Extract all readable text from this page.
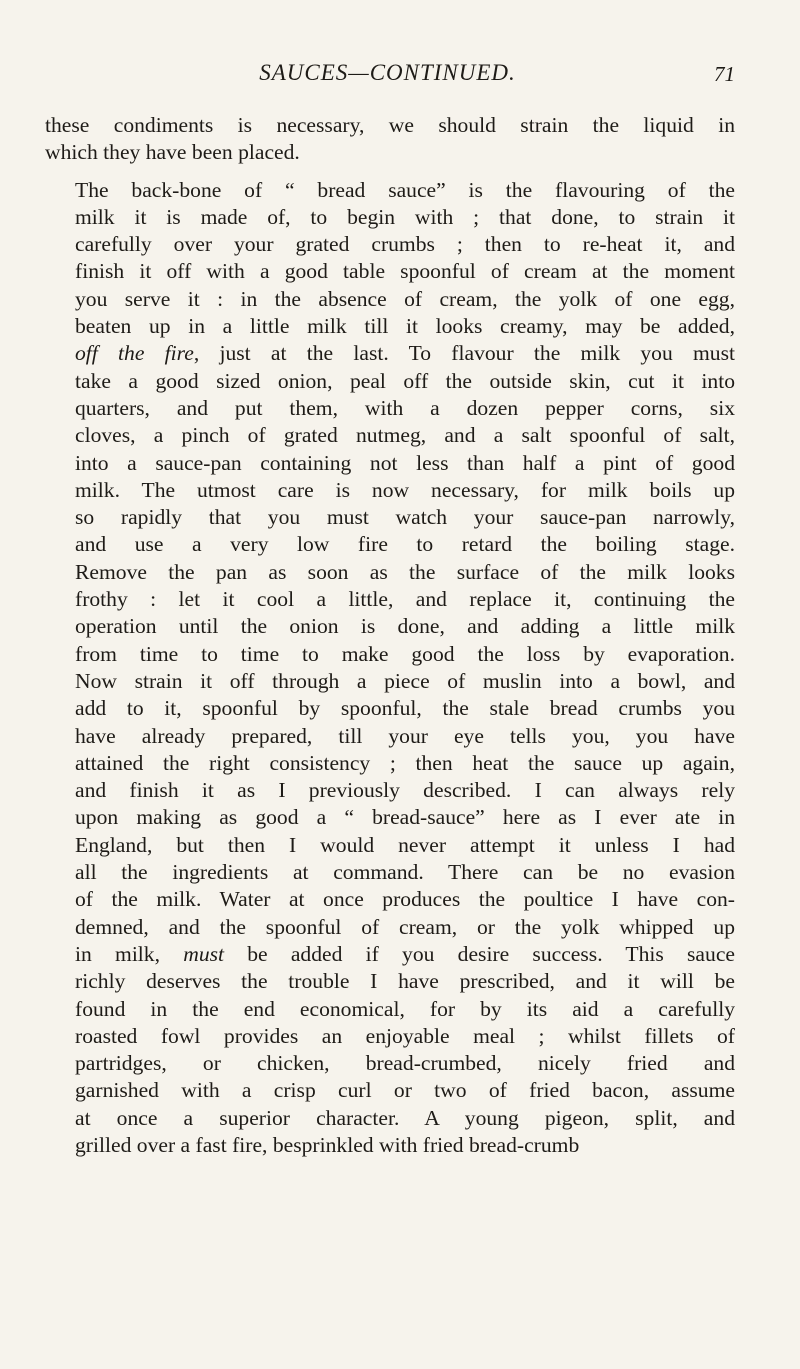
SAUCES—CONTINUED.	71

these condiments is necessary, we should strain the liquid in
which they have been placed.

The back-bone of “ bread sauce” is the flavouring of the
milk it is made of, to begin with ; that done, to strain it
carefully over your grated crumbs ; then to re-heat it, and
finish it off with a good table spoonful of cream at the moment
you serve it : in the absence of cream, the yolk of one egg,
beaten up in a little milk till it looks creamy, may be added,
off the fire, just at the last. To flavour the milk you must
take a good sized onion, peal off the outside skin, cut it into
quarters, and put them, with a dozen pepper corns, six
cloves, a pinch of grated nutmeg, and a salt spoonful of salt,
into a sauce-pan containing not less than half a pint of good
milk. The utmost care is now necessary, for milk boils up
so rapidly that you must watch your sauce-pan narrowly,
and use a very low fire to retard the boiling stage.
Remove the pan as soon as the surface of the milk looks
frothy : let it cool a little, and replace it, continuing the
operation until the onion is done, and adding a little milk
from time to time to make good the loss by evaporation.
Now strain it off through a piece of muslin into a bowl, and
add to it, spoonful by spoonful, the stale bread crumbs you
have already prepared, till your eye tells you, you have
attained the right consistency ; then heat the sauce up again,
and finish it as I previously described. I can always rely
upon making as good a “ bread-sauce” here as I ever ate in
England, but then I would never attempt it unless I had
all the ingredients at command. There can be no evasion
of the milk. Water at once produces the poultice I have con-
demned, and the spoonful of cream, or the yolk whipped up
in milk, must be added if you desire success. This sauce
richly deserves the trouble I have prescribed, and it will be
found in the end economical, for by its aid a carefully
roasted fowl provides an enjoyable meal ; whilst fillets of
partridges, or chicken, bread-crumbed, nicely fried and
garnished with a crisp curl or two of fried bacon, assume
at once a superior character. A young pigeon, split, and
grilled over a fast fire, besprinkled with fried bread-crumb
